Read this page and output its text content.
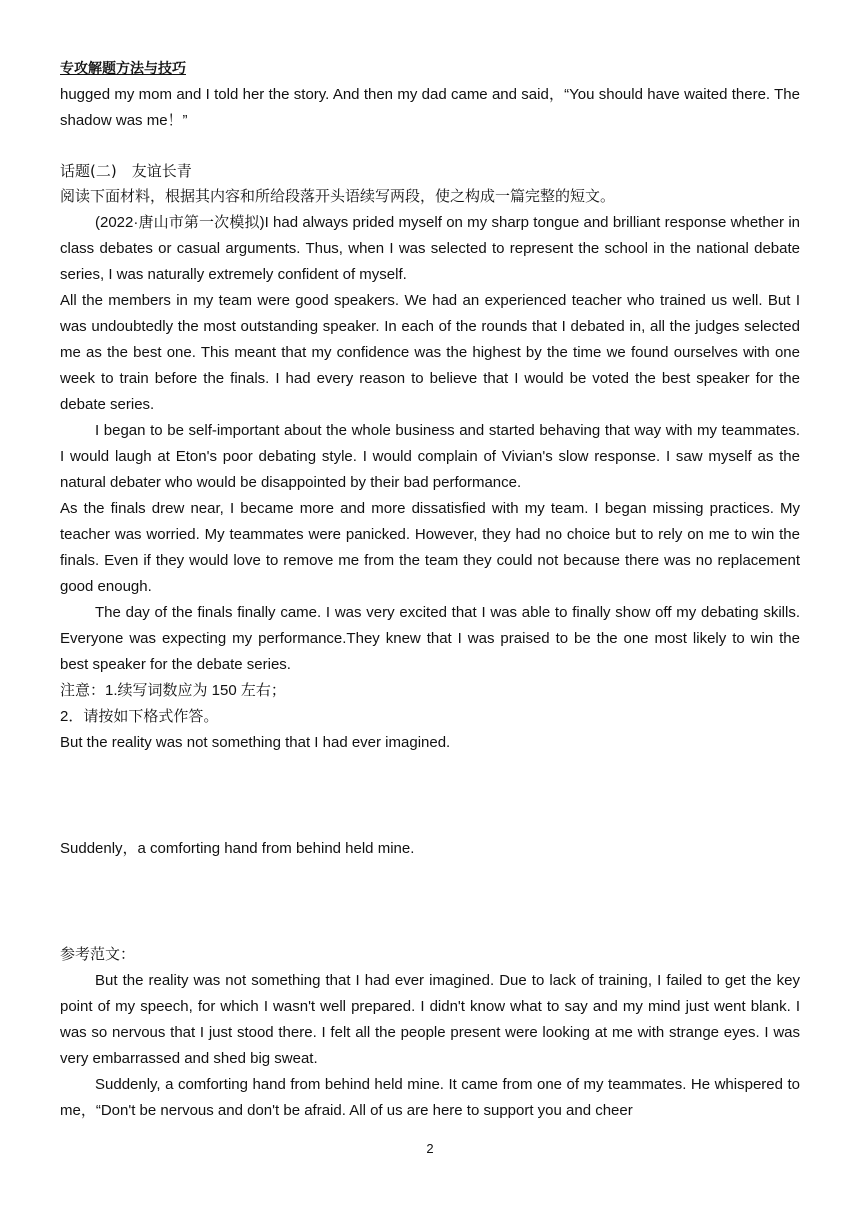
专攻解题方法与技巧

hugged my mom and I told her the story. And then my dad came and said，“You should have waited there. The shadow was me！”

话题(二)　友谊长青

阅读下面材料，根据其内容和所给段落开头语续写两段，使之构成一篇完整的短文。

(2022·唐山市第一次模拟)I had always prided myself on my sharp tongue and brilliant response whether in class debates or casual arguments. Thus, when I was selected to represent the school in the national debate series, I was naturally extremely confident of myself.

All the members in my team were good speakers. We had an experienced teacher who trained us well. But I was undoubtedly the most outstanding speaker. In each of the rounds that I debated in, all the judges selected me as the best one. This meant that my confidence was the highest by the time we found ourselves with one week to train before the finals. I had every reason to believe that I would be voted the best speaker for the debate series.

I began to be self-important about the whole business and started behaving that way with my teammates. I would laugh at Eton's poor debating style. I would complain of Vivian's slow response. I saw myself as the natural debater who would be disappointed by their bad performance.

As the finals drew near, I became more and more dissatisfied with my team. I began missing practices. My teacher was worried. My teammates were panicked. However, they had no choice but to rely on me to win the finals. Even if they would love to remove me from the team they could not because there was no replacement good enough.

The day of the finals finally came. I was very excited that I was able to finally show off my debating skills. Everyone was expecting my performance.They knew that I was praised to be the one most likely to win the best speaker for the debate series.

注意：1.续写词数应为 150 左右；

2．请按如下格式作答。

But the reality was not something that I had ever imagined.

Suddenly，a comforting hand from behind held mine.

参考范文：

But the reality was not something that I had ever imagined. Due to lack of training, I failed to get the key point of my speech, for which I wasn't well prepared. I didn't know what to say and my mind just went blank. I was so nervous that I just stood there. I felt all the people present were looking at me with strange eyes. I was very embarrassed and shed big sweat.

Suddenly, a comforting hand from behind held mine. It came from one of my teammates. He whispered to me，“Don't be nervous and don't be afraid. All of us are here to support you and cheer

2
